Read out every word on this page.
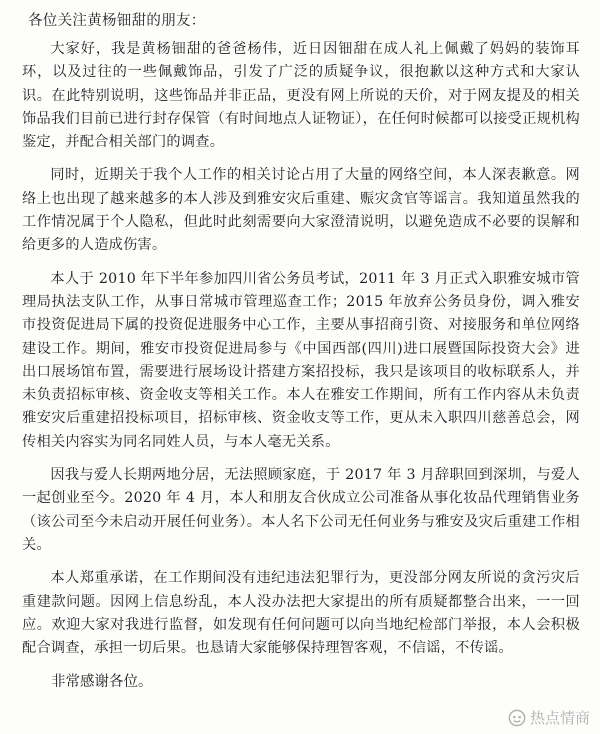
各位关注黄杨钿甜的朋友：

大家好，我是黄杨钿甜的爸爸杨伟，近日因钿甜在成人礼上佩戴了妈妈的装饰耳环，以及过往的一些佩戴饰品，引发了广泛的质疑争议，很抱歉以这种方式和大家认识。在此特别说明，这些饰品并非正品，更没有网上所说的天价，对于网友提及的相关饰品我们目前已进行封存保管（有时间地点人证物证），在任何时候都可以接受正规机构鉴定，并配合相关部门的调查。

同时，近期关于我个人工作的相关讨论占用了大量的网络空间，本人深表歉意。网络上也出现了越来越多的本人涉及到雅安灾后重建、赈灾贪官等谣言。我知道虽然我的工作情况属于个人隐私，但此时此刻需要向大家澄清说明，以避免造成不必要的误解和给更多的人造成伤害。

本人于 2010 年下半年参加四川省公务员考试，2011 年 3 月正式入职雅安城市管理局执法支队工作，从事日常城市管理巡查工作；2015 年放弃公务员身份，调入雅安市投资促进局下属的投资促进服务中心工作，主要从事招商引资、对接服务和单位网络建设工作。期间，雅安市投资促进局参与《中国西部(四川)进口展暨国际投资大会》进出口展场馆布置，需要进行展场设计搭建方案招投标，我只是该项目的收标联系人，并未负责招标审核、资金收支等相关工作。本人在雅安工作期间，所有工作内容从未负责雅安灾后重建招投标项目，招标审核、资金收支等工作，更从未入职四川慈善总会，网传相关内容实为同名同姓人员，与本人毫无关系。

因我与爱人长期两地分居，无法照顾家庭，于 2017 年 3 月辞职回到深圳，与爱人一起创业至今。2020 年 4 月，本人和朋友合伙成立公司准备从事化妆品代理销售业务（该公司至今未启动开展任何业务）。本人名下公司无任何业务与雅安及灾后重建工作相关。

本人郑重承诺，在工作期间没有违纪违法犯罪行为，更没部分网友所说的贪污灾后重建款问题。因网上信息纷乱，本人没办法把大家提出的所有质疑都整合出来，一一回应。欢迎大家对我进行监督，如发现有任何问题可以向当地纪检部门举报，本人会积极配合调查，承担一切后果。也恳请大家能够保持理智客观，不信谣，不传谣。

非常感谢各位。

热点情商
